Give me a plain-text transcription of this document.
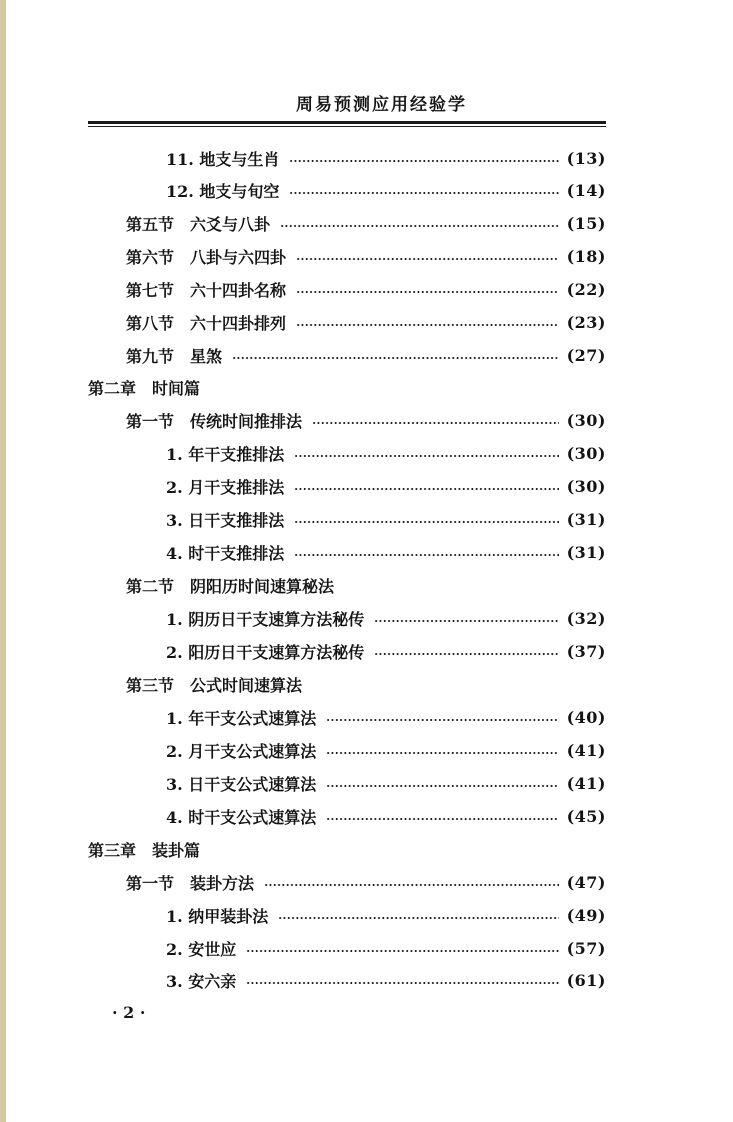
周易预测应用经验学
11. 地支与生肖	(13)
12. 地支与旬空	(14)
第五节　六爻与八卦	(15)
第六节　八卦与六四卦	(18)
第七节　六十四卦名称	(22)
第八节　六十四卦排列	(23)
第九节　星煞	(27)
第二章　时间篇
第一节　传统时间推排法	(30)
1. 年干支推排法	(30)
2. 月干支推排法	(30)
3. 日干支推排法	(31)
4. 时干支推排法	(31)
第二节　阴阳历时间速算秘法
1. 阴历日干支速算方法秘传	(32)
2. 阳历日干支速算方法秘传	(37)
第三节　公式时间速算法
1. 年干支公式速算法	(40)
2. 月干支公式速算法	(41)
3. 日干支公式速算法	(41)
4. 时干支公式速算法	(45)
第三章　装卦篇
第一节　装卦方法	(47)
1. 纳甲装卦法	(49)
2. 安世应	(57)
3. 安六亲	(61)
· 2 ·
